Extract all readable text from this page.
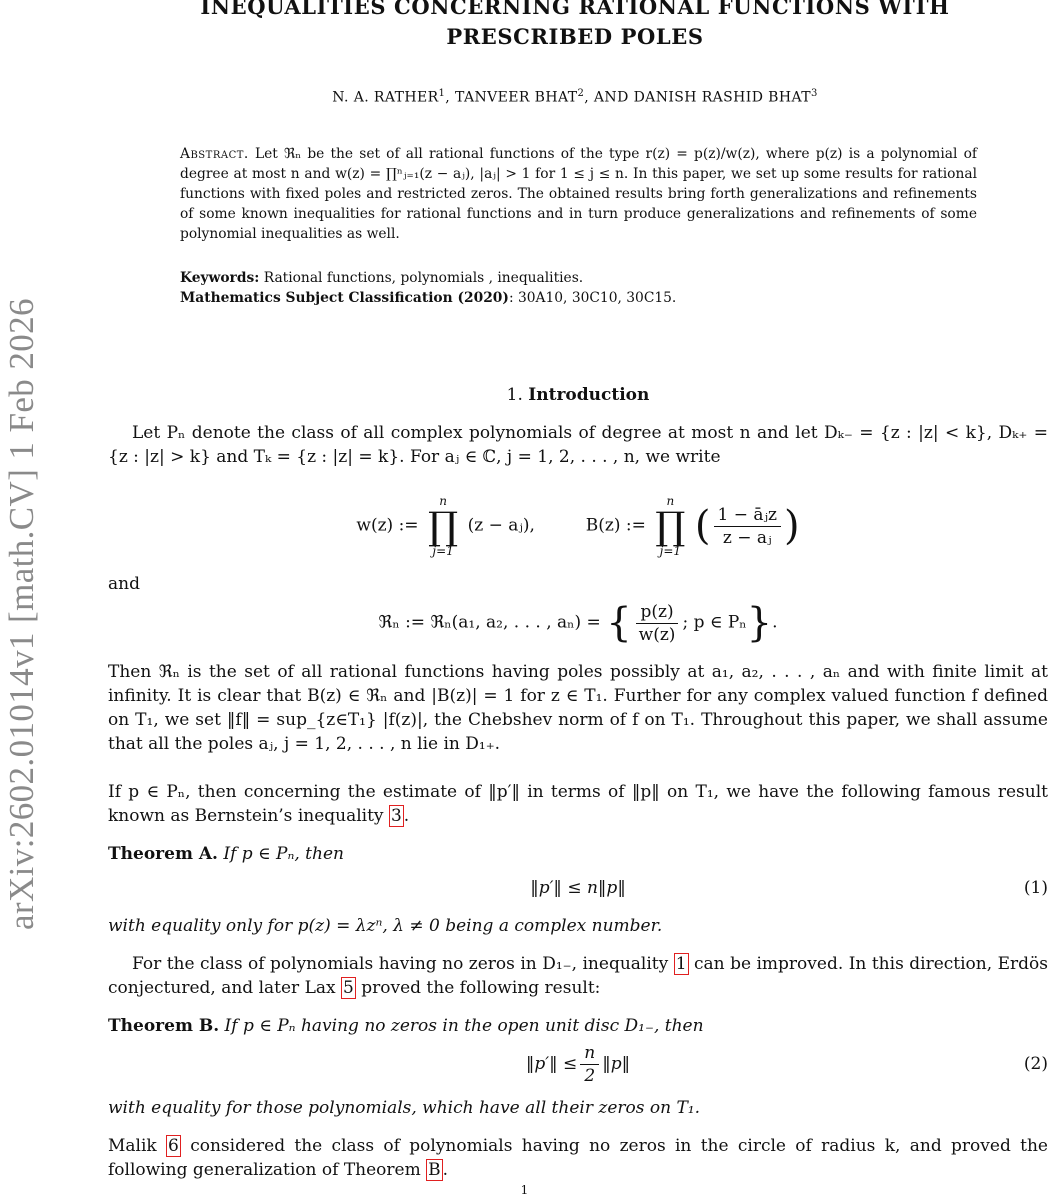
INEQUALITIES CONCERNING RATIONAL FUNCTIONS WITH PRESCRIBED POLES
N. A. RATHER$^1$, TANVEER BHAT$^2$, AND DANISH RASHID BHAT$^3$
arXiv:2602.01014v1 [math.CV] 1 Feb 2026
Abstract. Let ℜₙ be the set of all rational functions of the type r(z) = p(z)/w(z), where p(z) is a polynomial of degree at most n and w(z) = ∏ⁿⱼ₌₁(z − aⱼ), |aⱼ| > 1 for 1 ≤ j ≤ n. In this paper, we set up some results for rational functions with fixed poles and restricted zeros. The obtained results bring forth generalizations and refinements of some known inequalities for rational functions and in turn produce generalizations and refinements of some polynomial inequalities as well.
Keywords: Rational functions, polynomials , inequalities.
Mathematics Subject Classification (2020): 30A10, 30C10, 30C15.
1. Introduction
Let Pₙ denote the class of all complex polynomials of degree at most n and let Dₖ₋ = {z : |z| < k}, Dₖ₊ = {z : |z| > k} and Tₖ = {z : |z| = k}. For aⱼ ∈ ℂ, j = 1, 2, . . . , n, we write
w(z) :=
n
∏
j=1
(z − aⱼ),	B(z) :=
n
∏
j=1
( $\frac{\text{1 − āⱼz}}{\text{z − aⱼ}}$ )
and
ℜₙ := ℜₙ(a₁, a₂, . . . , aₙ) = { $\frac{p(z)}{w(z)}$ ; p ∈ Pₙ}.
Then ℜₙ is the set of all rational functions having poles possibly at a₁, a₂, . . . , aₙ and with finite limit at infinity. It is clear that B(z) ∈ ℜₙ and |B(z)| = 1 for z ∈ T₁. Further for any complex valued function f defined on T₁, we set ‖f‖ = sup_{z∈T₁} |f(z)|, the Chebshev norm of f on T₁. Throughout this paper, we shall assume that all the poles aⱼ, j = 1, 2, . . . , n lie in D₁₊.
If p ∈ Pₙ, then concerning the estimate of ‖p′‖ in terms of ‖p‖ on T₁, we have the following famous result known as Bernstein’s inequality 3 .
Theorem A. If p ∈ Pₙ, then
‖p′‖ ≤ n‖p‖	(1)
with equality only for p(z) = λzⁿ, λ ≠ 0 being a complex number.
For the class of polynomials having no zeros in D₁₋, inequality 1 can be improved. In this direction, Erdös conjectured, and later Lax 5 proved the following result:
Theorem B. If p ∈ Pₙ having no zeros in the open unit disc D₁₋, then
‖p′‖ ≤ $\frac{n}{2}$ ‖p‖	(2)
with equality for those polynomials, which have all their zeros on T₁.
Malik 6 considered the class of polynomials having no zeros in the circle of radius k, and proved the following generalization of Theorem B .
1
